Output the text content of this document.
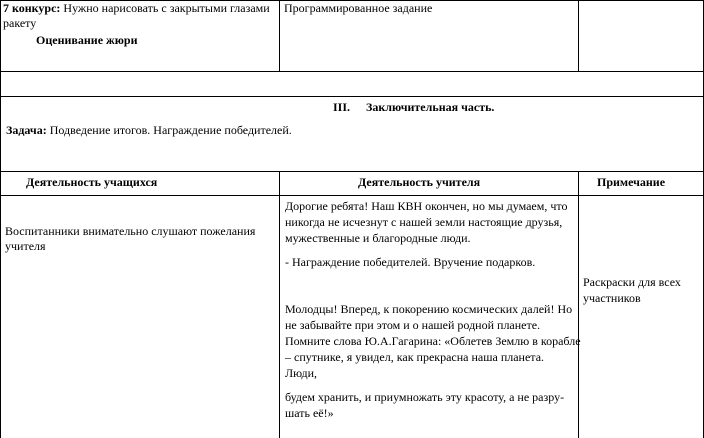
7 конкурс: Нужно нарисовать с закрытыми глазами

ракету

Оценивание жюри

Программированное задание
III. Заключительная часть.
Задача: Подведение итогов. Награждение победителей.
Деятельность учащихся	Деятельность учителя	Примечание

Воспитанники внимательно слушают пожелания

учителя

Дорогие ребята! Наш КВН окончен, но мы думаем, что

никогда не исчезнут с нашей земли настоящие друзья,

мужественные и благородные люди.

- Награждение победителей. Вручение подарков.

Молодцы! Вперед, к покорению космических далей! Но

не забывайте при этом и о нашей родной планете.

Помните слова Ю.А.Гагарина: «Облетев Землю в корабле

– спутнике, я увидел, как прекрасна наша планета.

Люди,

будем хранить, и приумножать эту красоту, а не разру-

шать её!»

Раскраски для всех

участников
